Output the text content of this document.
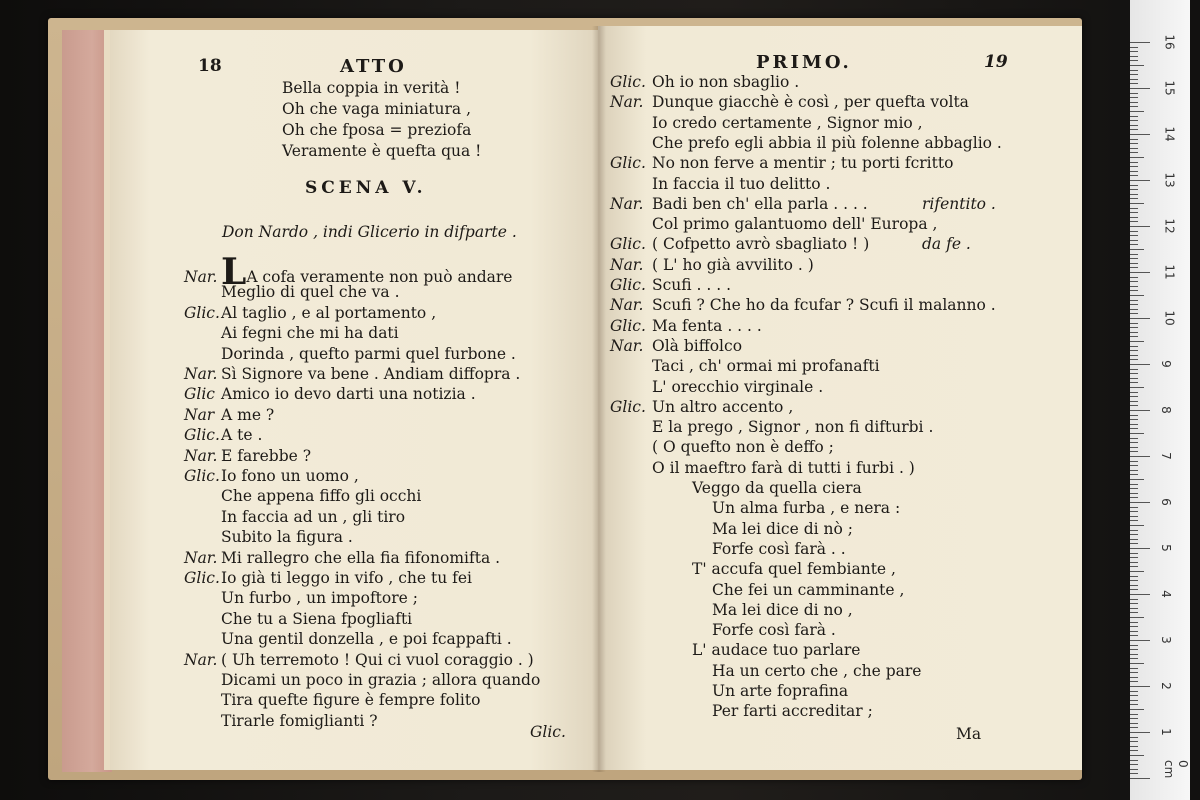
18	ATTO	PRIMO.	19
Bella coppia in verità !
Oh che vaga miniatura ,
Oh che fposa = preziofa
Veramente è quefta qua !
SCENA V.
Don Nardo , indi Glicerio in difparte .
Nar.LA cofa veramente non può andare
Meglio di quel che va .
Glic.Al taglio , e al portamento ,
Ai fegni che mi ha dati
Dorinda , quefto parmi quel furbone .
Nar. Sì Signore va bene . Andiam diffopra .
Glic Amico io devo darti una notizia .
Nar A me ?
Glic.A te .
Nar. E farebbe ?
Glic.Io fono un uomo ,
Che appena fiffo gli occhi
In faccia ad un , gli tiro
Subito la figura .
Nar. Mi rallegro che ella fia fifonomifta .
Glic.Io già ti leggo in vifo , che tu fei
Un furbo , un impoftore ;
Che tu a Siena fpogliafti
Una gentil donzella , e poi fcappafti .
Nar. ( Uh terremoto ! Qui ci vuol coraggio . )
Dicami un poco in grazia ; allora quando
Tira quefte figure è fempre folito
Tirarle fomiglianti ?
Glic.
Glic. Oh io non sbaglio .
Nar. Dunque giacchè è così , per quefta volta
Io credo certamente , Signor mio ,
Che prefo egli abbia il più folenne abbaglio .
Glic. No non ferve a mentir ; tu porti fcritto
In faccia il tuo delitto .
Nar. Badi ben ch' ella parla . . . .	rifentito .
Col primo galantuomo dell' Europa ,
Glic. ( Cofpetto avrò sbagliato ! )	da fe .
Nar. ( L' ho già avvilito . )
Glic. Scufi . . . .
Nar. Scufi ? Che ho da fcufar ? Scufi il malanno .
Glic. Ma fenta . . . .
Nar. Olà biffolco
Taci , ch' ormai mi profanafti
L' orecchio virginale .
Glic. Un altro accento ,
E la prego , Signor , non fi difturbi .
( O quefto non è deffo ;
O il maeftro farà di tutti i furbi . )
Veggo da quella ciera
Un alma furba , e nera :
Ma lei dice di nò ;
Forfe così farà . .
T' accufa quel fembiante ,
Che fei un camminante ,
Ma lei dice di no ,
Forfe così farà .
L' audace tuo parlare
Ha un certo che , che pare
Un arte foprafina
Per farti accreditar ;
Ma	1
2
3
4
5
6
7
8
9
10
11
12
13
14
15
16
0 cm
